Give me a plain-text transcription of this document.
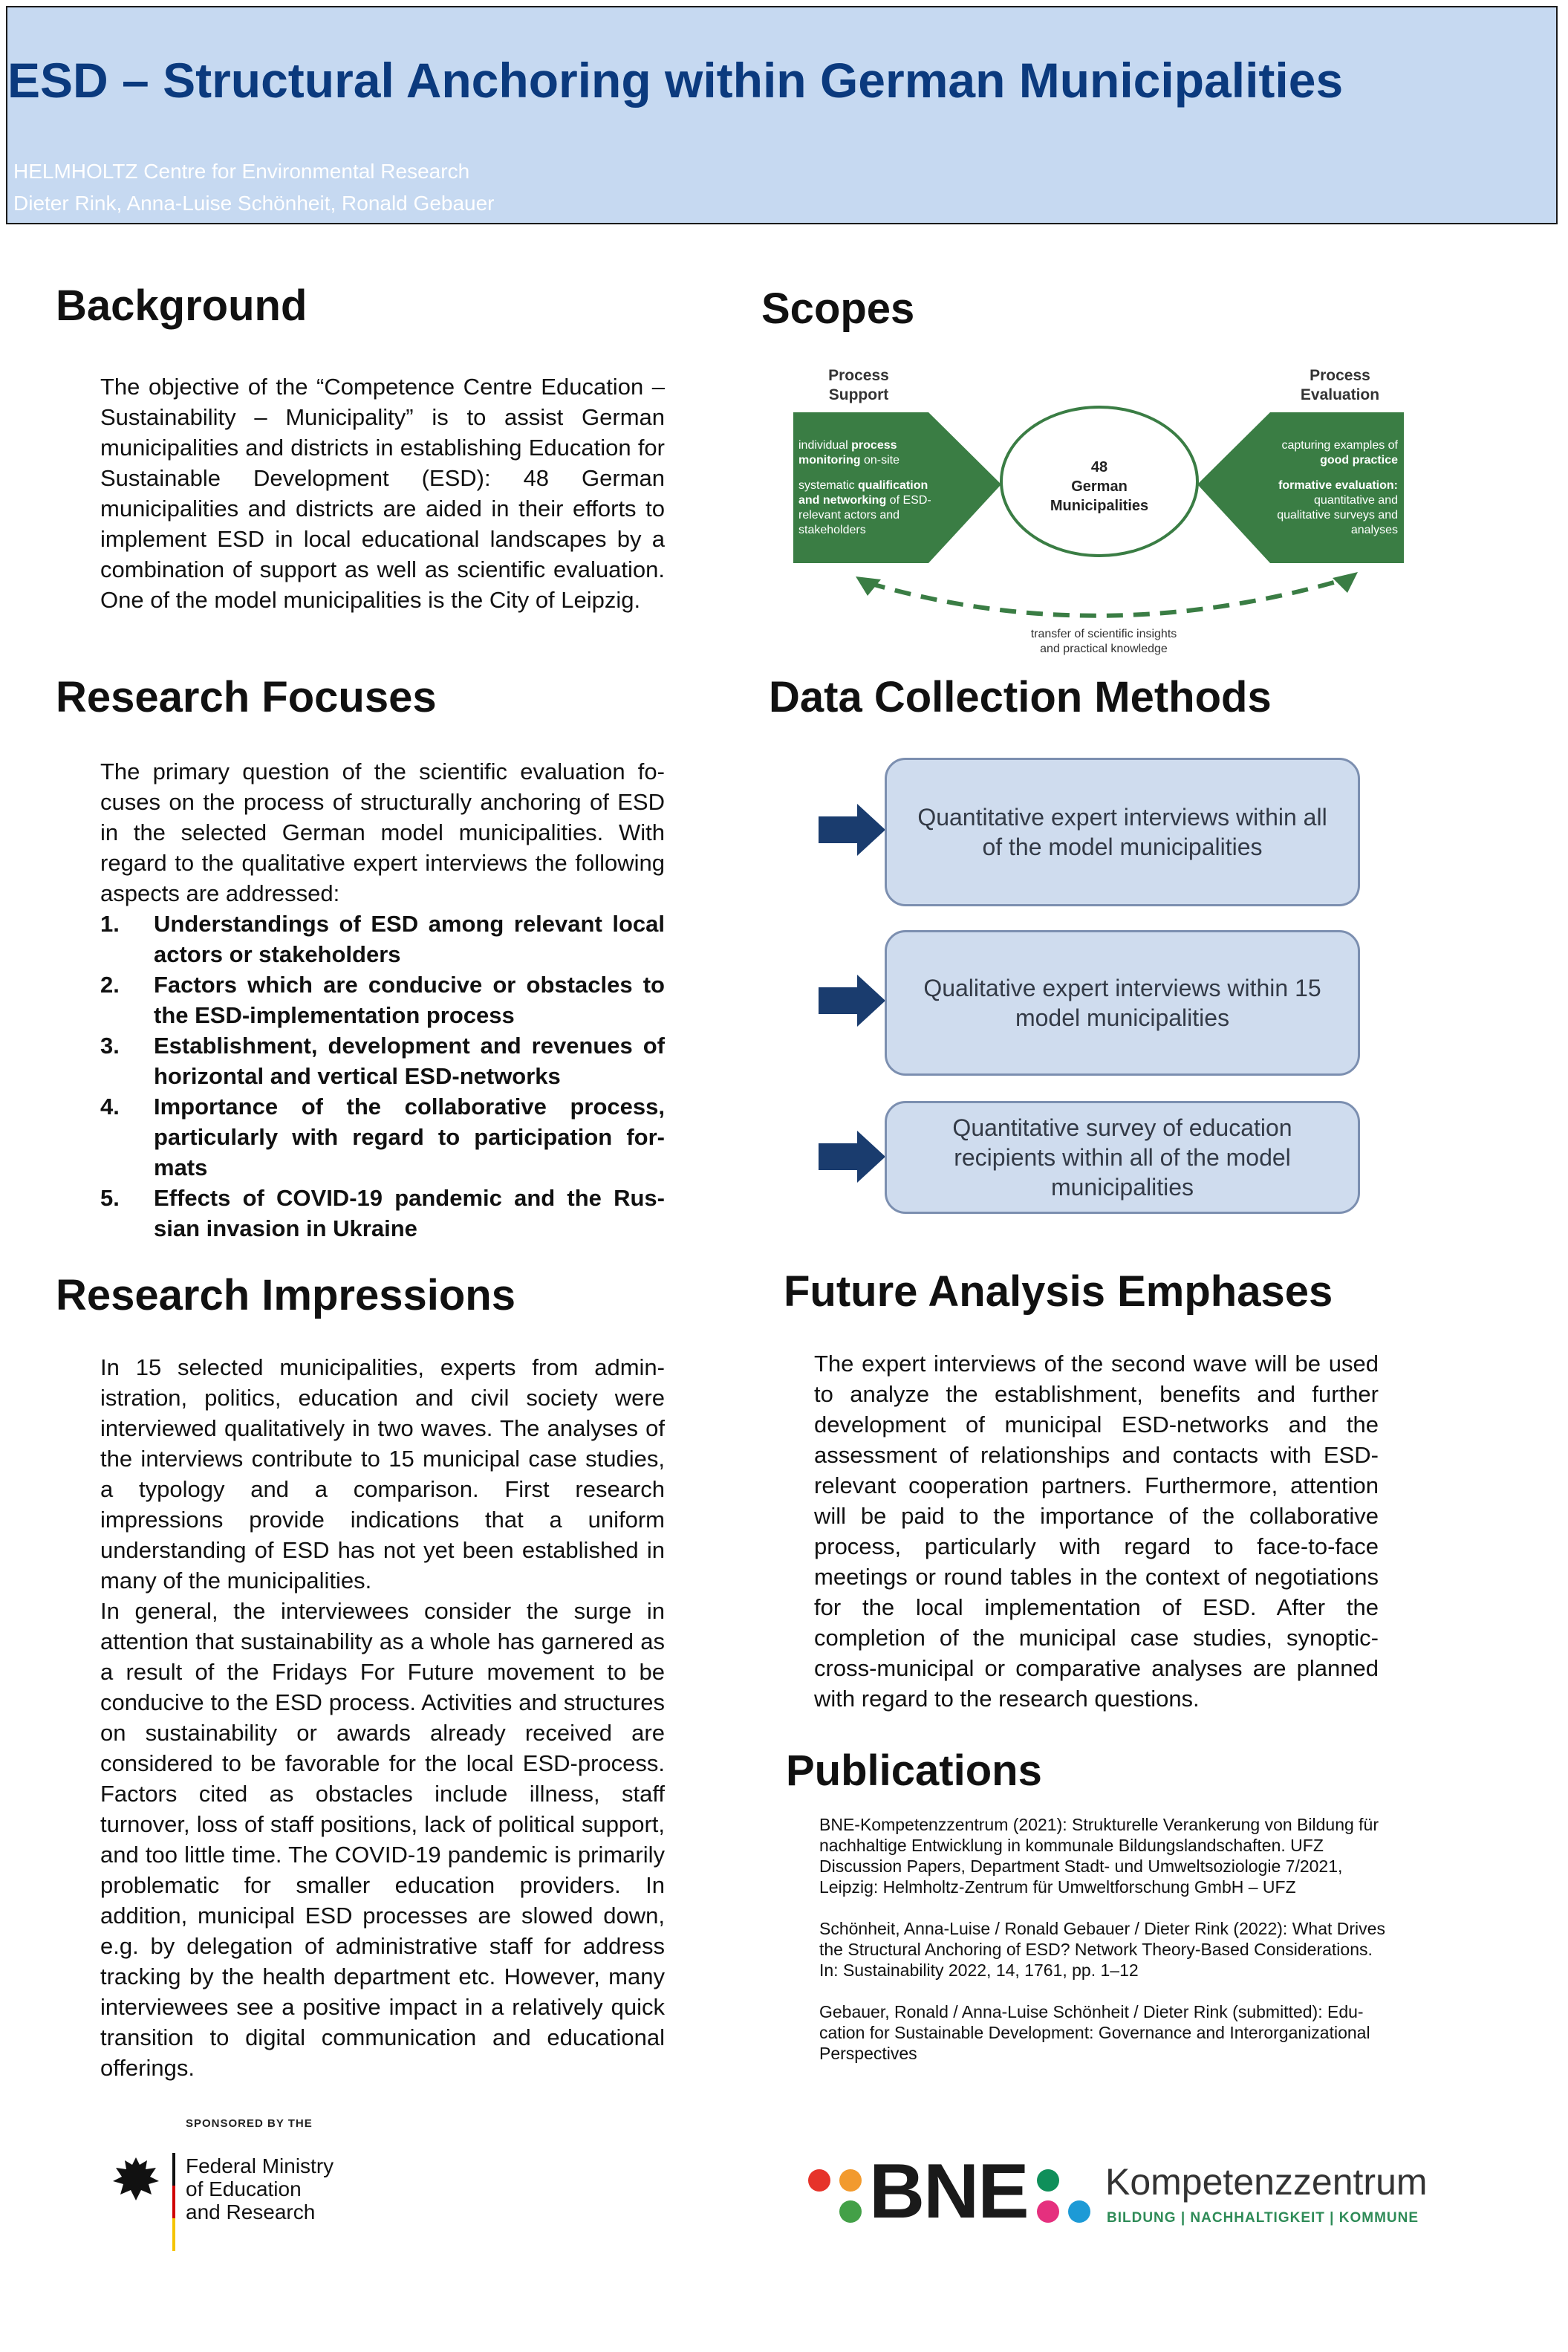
ESD – Structural Anchoring within German Municipalities
HELMHOLTZ Centre for Environmental Research
Dieter Rink, Anna-Luise Schönheit, Ronald Gebauer
Background
The objective of the “Competence Centre Education – Sustainability – Municipality” is to assist German municipalities and districts in establishing Education for Sustainable Development (ESD): 48 German municipalities and districts are aided in their efforts to implement ESD in local educational landscapes by a combination of support as well as scientific evaluation. One of the model municipalities is the City of Leipzig.
Research Focuses

The primary question of the scientific evaluation focuses on the process of structurally anchoring of ESD in the selected German model municipalities. With regard to the qualitative expert interviews the following aspects are addressed:

1. Understandings of ESD among relevant local actors or stakeholders
2. Factors which are conducive or obstacles to the ESD-implementation process
3. Establishment, development and revenues of horizontal and vertical ESD-networks
4. Importance of the collaborative process, particularly with regard to participation formats
5. Effects of COVID-19 pandemic and the Russian invasion in Ukraine
Research Impressions

In 15 selected municipalities, experts from administration, politics, education and civil society were interviewed qualitatively in two waves. The analyses of the interviews contribute to 15 municipal case studies, a typology and a comparison. First research impressions provide indications that a uniform understanding of ESD has not yet been established in many of the municipalities.

In general, the interviewees consider the surge in attention that sustainability as a whole has garnered as a result of the Fridays For Future movement to be conducive to the ESD process. Activities and structures on sustainability or awards already received are considered to be favorable for the local ESD-process. Factors cited as obstacles include illness, staff turnover, loss of staff positions, lack of political support, and too little time. The COVID-19 pandemic is primarily problematic for smaller education providers. In addition, municipal ESD processes are slowed down, e.g. by delegation of administrative staff for address tracking by the health department etc. However, many interviewees see a positive impact in a relatively quick transition to digital communication and educational offerings.

SPONSORED BY THE
Federal Ministry
of Education
and Research
Scopes
Process
Support
Process
Evaluation
48
German
Municipalities
individual process
monitoring on-site
systematic qualification
and networking of ESD-
relevant actors and
stakeholders
capturing examples of
good practice
formative evaluation:
quantitative and
qualitative surveys and
analyses
transfer of scientific insights
and practical knowledge
Data Collection Methods
Quantitative expert interviews within all of the model municipalities
Qualitative expert interviews within 15 model municipalities
Quantitative survey of education recipients within all of the model municipalities
Future Analysis Emphases
The expert interviews of the second wave will be used to analyze the establishment, benefits and further development of municipal ESD-networks and the assessment of relationships and contacts with ESD-relevant cooperation partners. Furthermore, attention will be paid to the importance of the collaborative process, particularly with regard to face-to-face meetings or round tables in the context of negotiations for the local implementation of ESD. After the completion of the municipal case studies, synoptic-cross-municipal or comparative analyses are planned with regard to the research questions.
Publications

BNE-Kompetenzzentrum (2021): Strukturelle Verankerung von Bildung für nachhaltige Entwicklung in kommunale Bildungslandschaften. UFZ Discussion Papers, Department Stadt- und Umweltsoziologie 7/2021, Leipzig: Helmholtz-Zentrum für Umweltforschung GmbH – UFZ

Schönheit, Anna-Luise / Ronald Gebauer / Dieter Rink (2022): What Drives the Structural Anchoring of ESD? Network Theory-Based Considerations. In: Sustainability 2022, 14, 1761, pp. 1–12

Gebauer, Ronald / Anna-Luise Schönheit / Dieter Rink (submitted): Education for Sustainable Development: Governance and Interorganizational Perspectives

BNE Kompetenzzentrum
BILDUNG | NACHHALTIGKEIT | KOMMUNE
